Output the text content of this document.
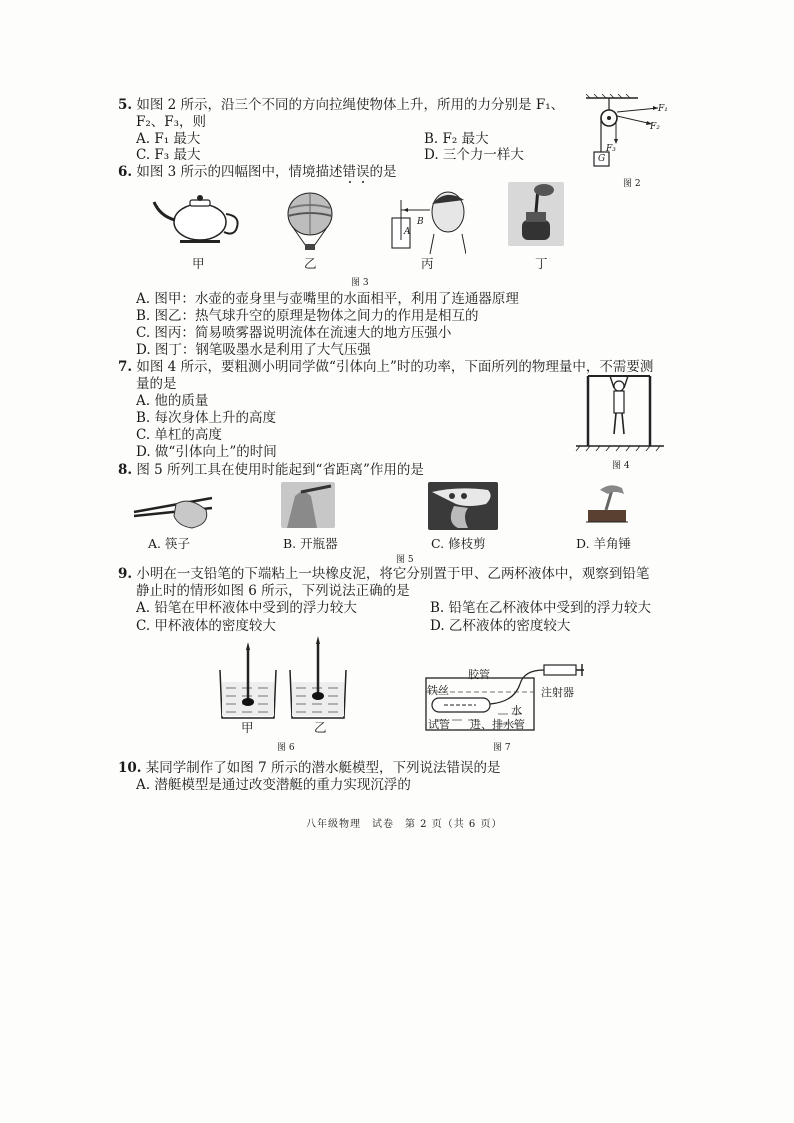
5. 如图 2 所示，沿三个不同的方向拉绳使物体上升，所用的力分别是 F₁、
F₂、F₃，则
A. F₁ 最大	B. F₂ 最大
C. F₃ 最大	D. 三个力一样大
F₁
F₂
F₃
G
图 2
6. 如图 3 所示的四幅图中，情境描述错误的是
A
B
甲	乙	丙	丁
图 3
A. 图甲：水壶的壶身里与壶嘴里的水面相平，利用了连通器原理
B. 图乙：热气球升空的原理是物体之间力的作用是相互的
C. 图丙：简易喷雾器说明流体在流速大的地方压强小
D. 图丁：钢笔吸墨水是利用了大气压强
7. 如图 4 所示，要粗测小明同学做“引体向上”时的功率，下面所列的物理量中，不需要测
量的是
A. 他的质量
B. 每次身体上升的高度
C. 单杠的高度
D. 做“引体向上”的时间
图 4
8. 图 5 所列工具在使用时能起到“省距离”作用的是
A. 筷子	B. 开瓶器	C. 修枝剪	D. 羊角锤
图 5
9. 小明在一支铅笔的下端粘上一块橡皮泥，将它分别置于甲、乙两杯液体中，观察到铅笔
静止时的情形如图 6 所示，下列说法正确的是
A. 铅笔在甲杯液体中受到的浮力较大	B. 铅笔在乙杯液体中受到的浮力较大
C. 甲杯液体的密度较大	D. 乙杯液体的密度较大
甲	乙
图 6
胶管
铁丝	注射器
水
试管 进、排水管
图 7
10. 某同学制作了如图 7 所示的潜水艇模型，下列说法错误的是
A. 潜艇模型是通过改变潜艇的重力实现沉浮的
八年级物理　试卷　第 2 页（共 6 页）
